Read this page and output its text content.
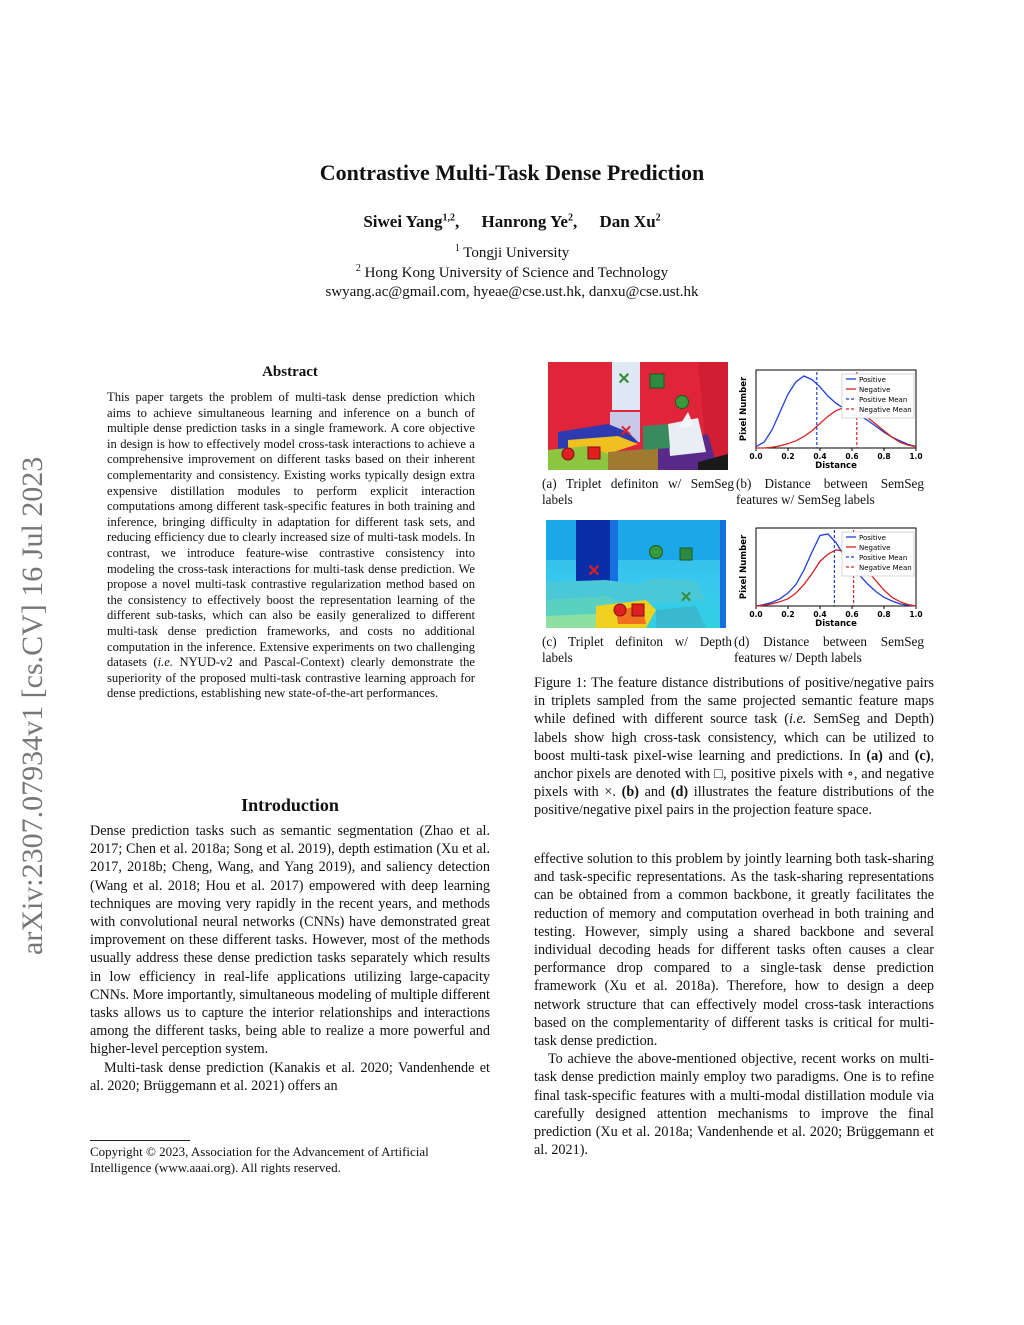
arXiv:2307.07934v1 [cs.CV] 16 Jul 2023
Contrastive Multi-Task Dense Prediction
Siwei Yang$^{1,2}$, Hanrong Ye$^2$, Dan Xu$^2$
$^1$ Tongji University
$^2$ Hong Kong University of Science and Technology
swyang.ac@gmail.com, hyeae@cse.ust.hk, danxu@cse.ust.hk
Abstract
This paper targets the problem of multi-task dense prediction which aims to achieve simultaneous learning and inference on a bunch of multiple dense prediction tasks in a single framework. A core objective in design is how to effectively model cross-task interactions to achieve a comprehensive improvement on different tasks based on their inherent complementarity and consistency. Existing works typically design extra expensive distillation modules to perform explicit interaction computations among different task-specific features in both training and inference, bringing difficulty in adaptation for different task sets, and reducing efficiency due to clearly increased size of multi-task models. In contrast, we introduce feature-wise contrastive consistency into modeling the cross-task interactions for multi-task dense prediction. We propose a novel multi-task contrastive regularization method based on the consistency to effectively boost the representation learning of the different sub-tasks, which can also be easily generalized to different multi-task dense prediction frameworks, and costs no additional computation in the inference. Extensive experiments on two challenging datasets (i.e. NYUD-v2 and Pascal-Context) clearly demonstrate the superiority of the proposed multi-task contrastive learning approach for dense predictions, establishing new state-of-the-art performances.
Introduction

Dense prediction tasks such as semantic segmentation (Zhao et al. 2017; Chen et al. 2018a; Song et al. 2019), depth estimation (Xu et al. 2017, 2018b; Cheng, Wang, and Yang 2019), and saliency detection (Wang et al. 2018; Hou et al. 2017) empowered with deep learning techniques are moving very rapidly in the recent years, and methods with convolutional neural networks (CNNs) have demonstrated great improvement on these different tasks. However, most of the methods usually address these dense prediction tasks separately which results in low efficiency in real-life applications utilizing large-capacity CNNs. More importantly, simultaneous modeling of multiple different tasks allows us to capture the interior relationships and interactions among the different tasks, being able to realize a more powerful and higher-level perception system.

Multi-task dense prediction (Kanakis et al. 2020; Vandenhende et al. 2020; Brüggemann et al. 2021) offers an

Copyright © 2023, Association for the Advancement of Artificial Intelligence (www.aaai.org). All rights reserved.
✕
✕
(a) Triplet definiton w/ SemSeg labels
Pixel Number
0.0 0.2 0.4 0.6 0.8 1.0
Distance
Positive
Negative
Positive Mean
Negative Mean
(b) Distance between SemSeg features w/ SemSeg labels
✕
✕
(c) Triplet definiton w/ Depth labels
Pixel Number
0.0 0.2 0.4 0.6 0.8 1.0
Distance
Positive
Negative
Positive Mean
Negative Mean
(d) Distance between SemSeg features w/ Depth labels

Figure 1: The feature distance distributions of positive/negative pairs in triplets sampled from the same projected semantic feature maps while defined with different source task (i.e. SemSeg and Depth) labels show high cross-task consistency, which can be utilized to boost multi-task pixel-wise learning and predictions. In (a) and (c), anchor pixels are denoted with □, positive pixels with ∘, and negative pixels with ×. (b) and (d) illustrates the feature distributions of the positive/negative pixel pairs in the projection feature space.

effective solution to this problem by jointly learning both task-sharing and task-specific representations. As the task-sharing representations can be obtained from a common backbone, it greatly facilitates the reduction of memory and computation overhead in both training and testing. However, simply using a shared backbone and several individual decoding heads for different tasks often causes a clear performance drop compared to a single-task dense prediction framework (Xu et al. 2018a). Therefore, how to design a deep network structure that can effectively model cross-task interactions based on the complementarity of different tasks is critical for multi-task dense prediction.

To achieve the above-mentioned objective, recent works on multi-task dense prediction mainly employ two paradigms. One is to refine final task-specific features with a multi-modal distillation module via carefully designed attention mechanisms to improve the final prediction (Xu et al. 2018a; Vandenhende et al. 2020; Brüggemann et al. 2021).
